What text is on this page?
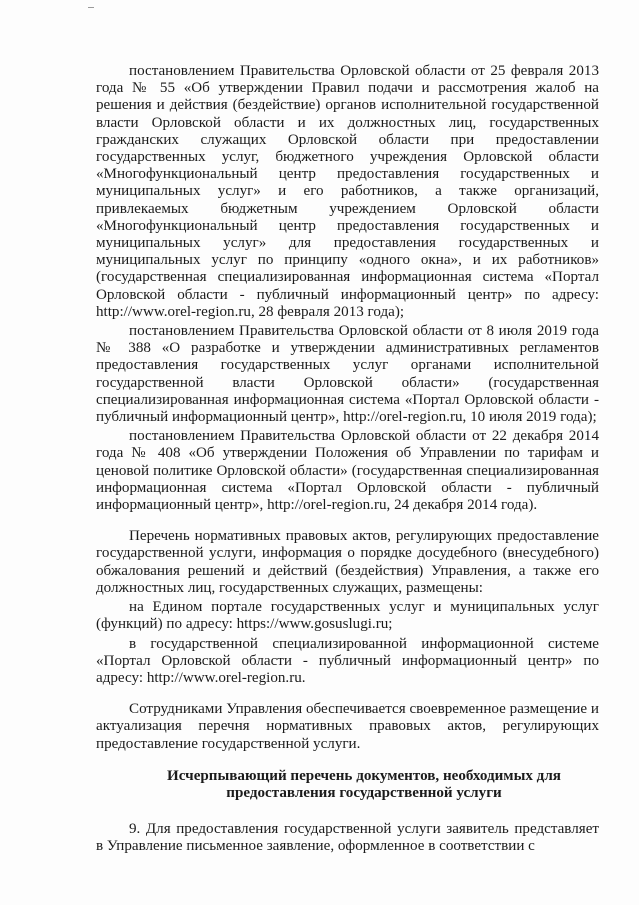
постановлением Правительства Орловской области от 25 февраля 2013 года № 55 «Об утверждении Правил подачи и рассмотрения жалоб на решения и действия (бездействие) органов исполнительной государственной власти Орловской области и их должностных лиц, государственных гражданских служащих Орловской области при предоставлении государственных услуг, бюджетного учреждения Орловской области «Многофункциональный центр предоставления государственных и муниципальных услуг» и его работников, а также организаций, привлекаемых бюджетным учреждением Орловской области «Многофункциональный центр предоставления государственных и муниципальных услуг» для предоставления государственных и муниципальных услуг по принципу «одного окна», и их работников» (государственная специализированная информационная система «Портал Орловской области - публичный информационный центр» по адресу: http://www.orel-region.ru, 28 февраля 2013 года);

постановлением Правительства Орловской области от 8 июля 2019 года № 388 «О разработке и утверждении административных регламентов предоставления государственных услуг органами исполнительной государственной власти Орловской области» (государственная специализированная информационная система «Портал Орловской области - публичный информационный центр», http://orel-region.ru, 10 июля 2019 года);

постановлением Правительства Орловской области от 22 декабря 2014 года № 408 «Об утверждении Положения об Управлении по тарифам и ценовой политике Орловской области» (государственная специализированная информационная система «Портал Орловской области - публичный информационный центр», http://orel-region.ru, 24 декабря 2014 года).

Перечень нормативных правовых актов, регулирующих предоставление государственной услуги, информация о порядке досудебного (внесудебного) обжалования решений и действий (бездействия) Управления, а также его должностных лиц, государственных служащих, размещены:

на Едином портале государственных услуг и муниципальных услуг (функций) по адресу: https://www.gosuslugi.ru;

в государственной специализированной информационной системе «Портал Орловской области - публичный информационный центр» по адресу: http://www.orel-region.ru.

Сотрудниками Управления обеспечивается своевременное размещение и актуализация перечня нормативных правовых актов, регулирующих предоставление государственной услуги.

Исчерпывающий перечень документов, необходимых для

предоставления государственной услуги

9. Для предоставления государственной услуги заявитель представляет в Управление письменное заявление, оформленное в соответствии с
